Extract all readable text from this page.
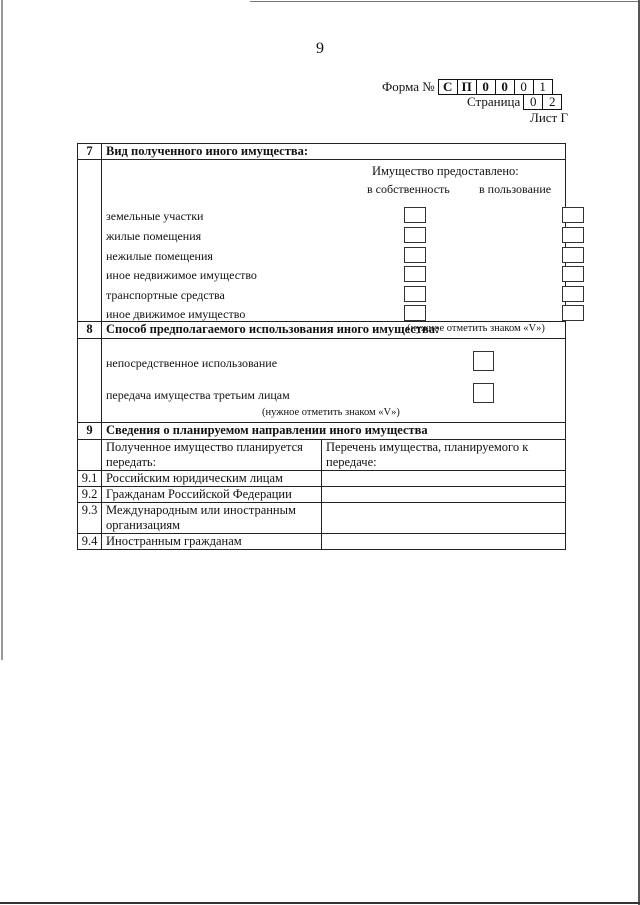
9
Форма № С П 0 0 0 1
Страница 0 2
Лист Г
7	Вид полученного иного имущества:	

Имущество предоставлено:
в собственность в пользование
земельные участки
жилые помещения
нежилые помещения
иное недвижимое имущество
транспортные средства
иное движимое имущество
(нужное отметить знаком «V»)

8	Способ предполагаемого использования иного имущества:	

	непосредственное использование
передача имущества третьим лицам
(нужное отметить знаком «V»)	

9	Сведения о планируемом направлении иного имущества	
	Полученное имущество планируется передать:	Перечень имущества, планируемого к передаче:
9.1	Российским юридическим лицам	
9.2	Гражданам Российской Федерации	
9.3	Международным или иностранным организациям	
9.4	Иностранным гражданам	
